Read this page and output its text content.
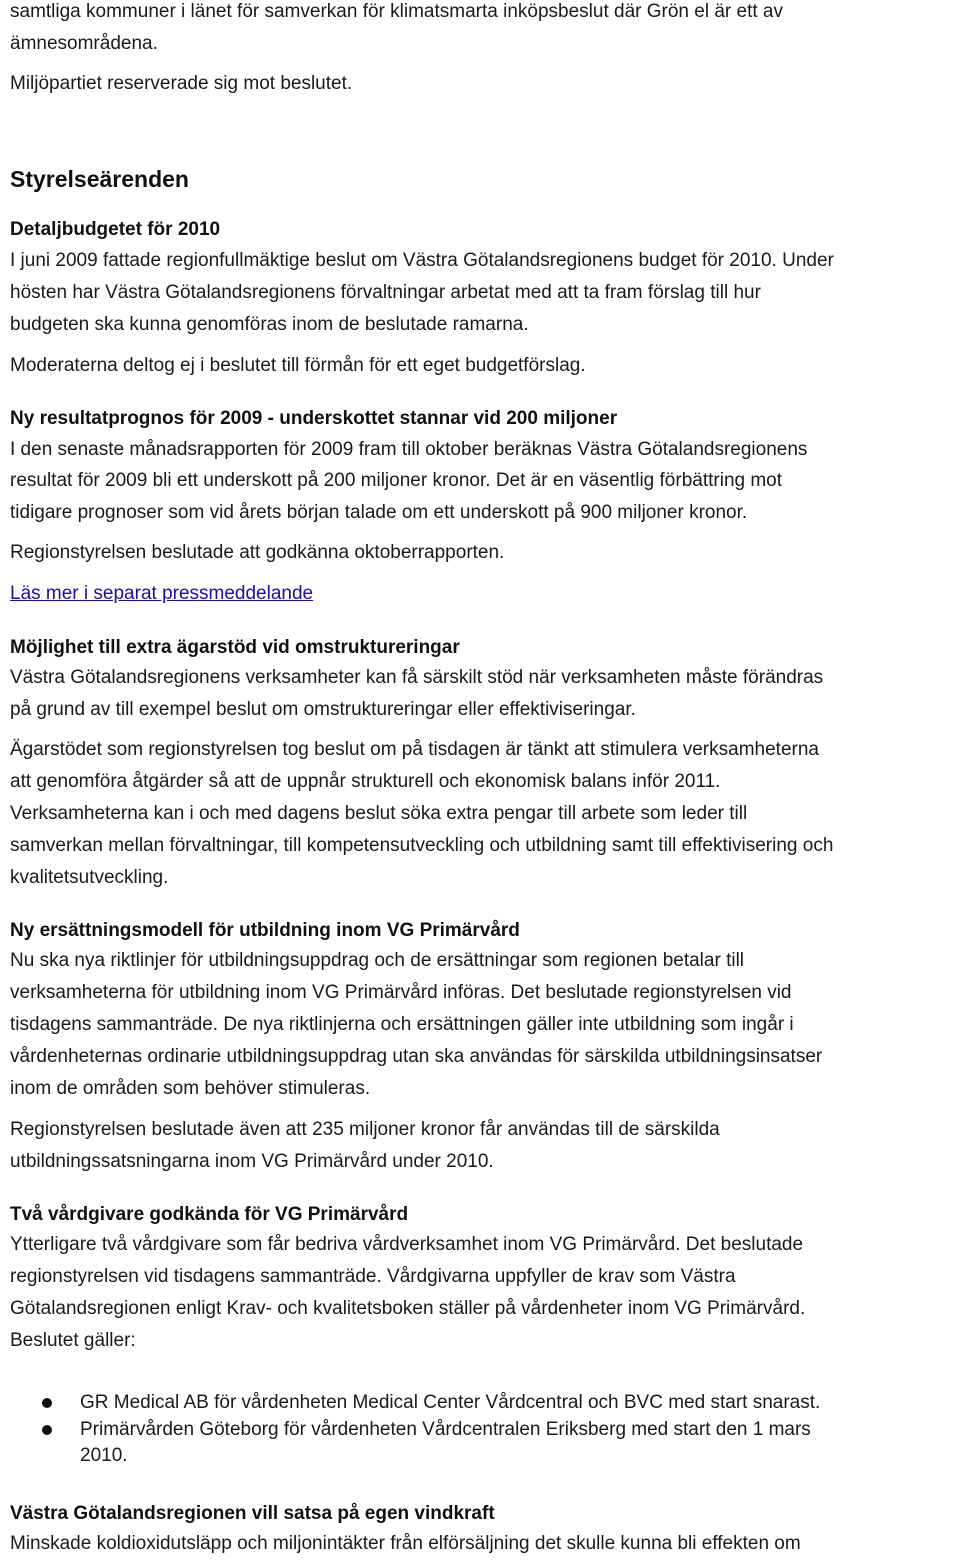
samtliga kommuner i länet för samverkan för klimatsmarta inköpsbeslut där Grön el är ett av
ämnesområdena.
Miljöpartiet reserverade sig mot beslutet.
Styrelseärenden
Detaljbudgetet för 2010
I juni 2009 fattade regionfullmäktige beslut om Västra Götalandsregionens budget för 2010. Under
hösten har Västra Götalandsregionens förvaltningar arbetat med att ta fram förslag till hur
budgeten ska kunna genomföras inom de beslutade ramarna.
Moderaterna deltog ej i beslutet till förmån för ett eget budgetförslag.
Ny resultatprognos för 2009 - underskottet stannar vid 200 miljoner
I den senaste månadsrapporten för 2009 fram till oktober beräknas Västra Götalandsregionens
resultat för 2009 bli ett underskott på 200 miljoner kronor. Det är en väsentlig förbättring mot
tidigare prognoser som vid årets början talade om ett underskott på 900 miljoner kronor.
Regionstyrelsen beslutade att godkänna oktoberrapporten.
Läs mer i separat pressmeddelande
Möjlighet till extra ägarstöd vid omstruktureringar
Västra Götalandsregionens verksamheter kan få särskilt stöd när verksamheten måste förändras
på grund av till exempel beslut om omstruktureringar eller effektiviseringar.
Ägarstödet som regionstyrelsen tog beslut om på tisdagen är tänkt att stimulera verksamheterna
att genomföra åtgärder så att de uppnår strukturell och ekonomisk balans inför 2011.
Verksamheterna kan i och med dagens beslut söka extra pengar till arbete som leder till
samverkan mellan förvaltningar, till kompetensutveckling och utbildning samt till effektivisering och
kvalitetsutveckling.
Ny ersättningsmodell för utbildning inom VG Primärvård
Nu ska nya riktlinjer för utbildningsuppdrag och de ersättningar som regionen betalar till
verksamheterna för utbildning inom VG Primärvård införas. Det beslutade regionstyrelsen vid
tisdagens sammanträde. De nya riktlinjerna och ersättningen gäller inte utbildning som ingår i
vårdenheternas ordinarie utbildningsuppdrag utan ska användas för särskilda utbildningsinsatser
inom de områden som behöver stimuleras.
Regionstyrelsen beslutade även att 235 miljoner kronor får användas till de särskilda
utbildningssatsningarna inom VG Primärvård under 2010.
Två vårdgivare godkända för VG Primärvård
Ytterligare två vårdgivare som får bedriva vårdverksamhet inom VG Primärvård. Det beslutade
regionstyrelsen vid tisdagens sammanträde. Vårdgivarna uppfyller de krav som Västra
Götalandsregionen enligt Krav- och kvalitetsboken ställer på vårdenheter inom VG Primärvård.
Beslutet gäller:
GR Medical AB för vårdenheten Medical Center Vårdcentral och BVC med start snarast.
Primärvården Göteborg för vårdenheten Vårdcentralen Eriksberg med start den 1 mars
2010.
Västra Götalandsregionen vill satsa på egen vindkraft
Minskade koldioxidutsläpp och miljonintäkter från elförsäljning det skulle kunna bli effekten om
